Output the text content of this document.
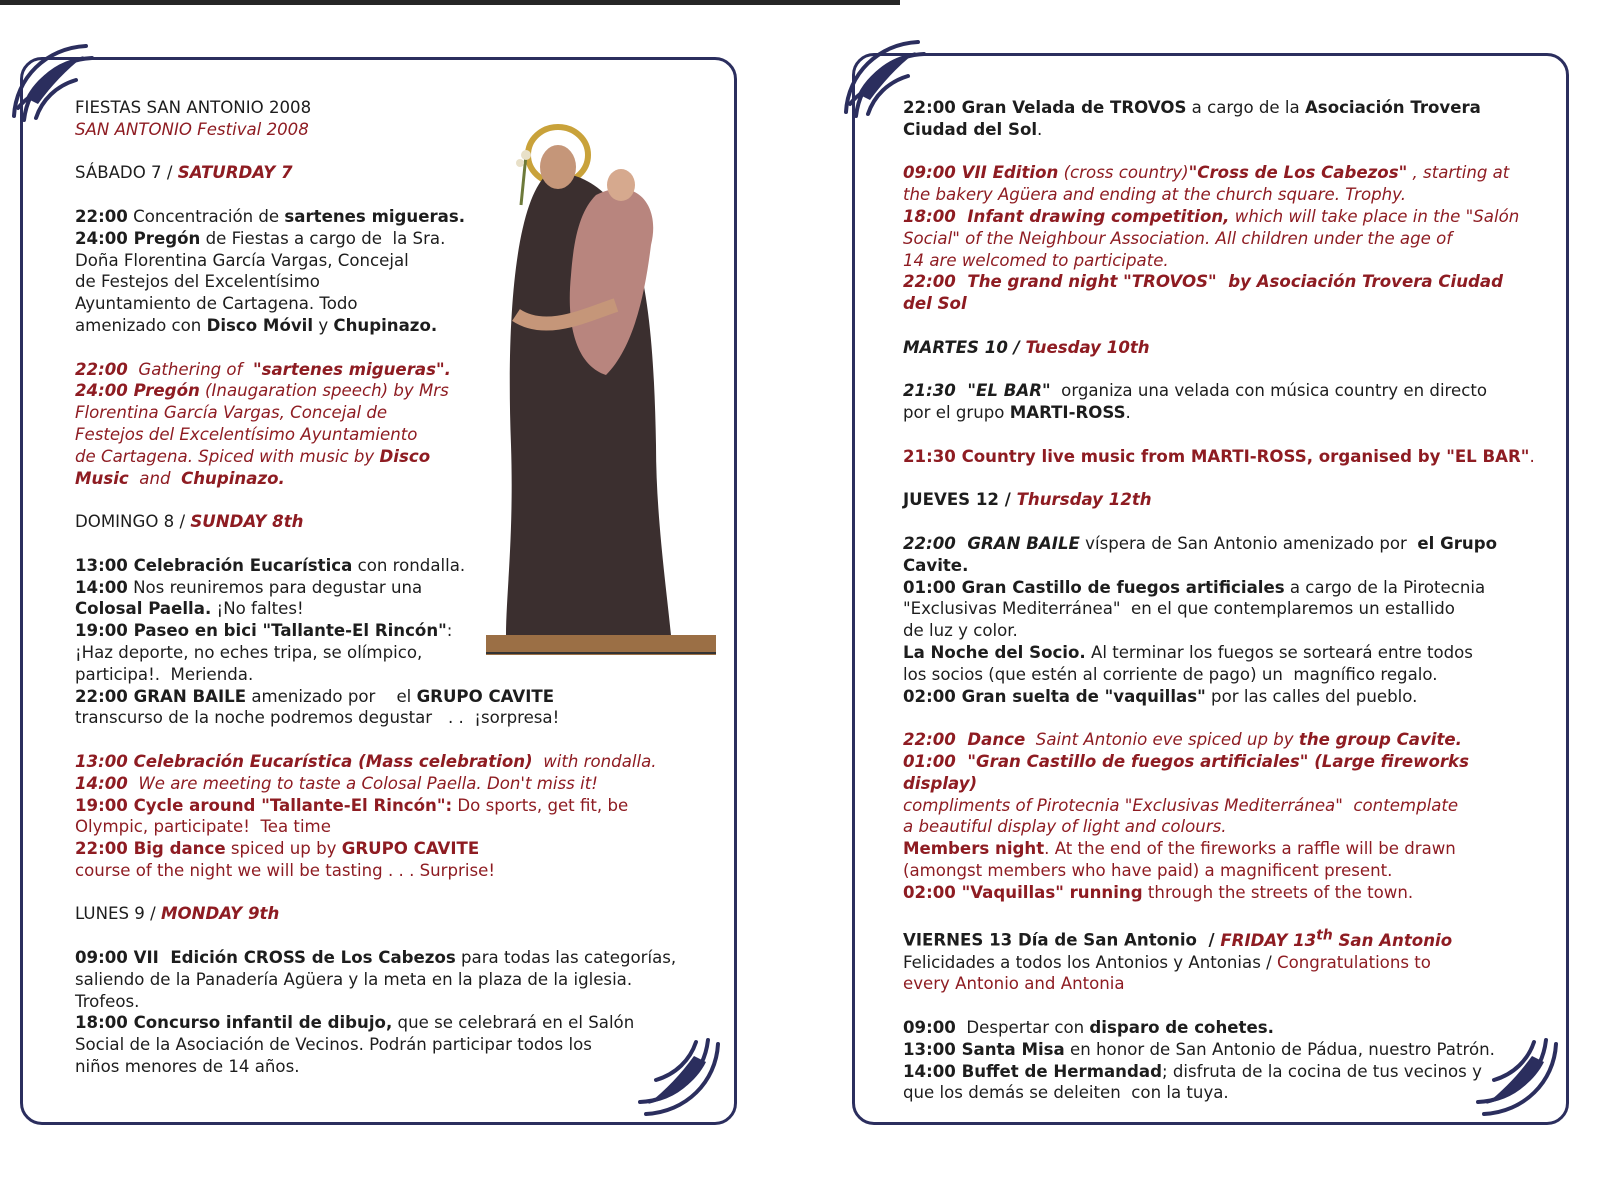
FIESTAS SAN ANTONIO 2008
SAN ANTONIO Festival 2008
SÁBADO 7 / SATURDAY 7
22:00 Concentración de sartenes migueras.
24:00 Pregón de Fiestas a cargo de  la Sra.
Doña Florentina García Vargas, Concejal
de Festejos del Excelentísimo
Ayuntamiento de Cartagena. Todo
amenizado con Disco Móvil y Chupinazo.
22:00  Gathering of  "sartenes migueras".
24:00 Pregón (Inaugaration speech) by Mrs
Florentina García Vargas, Concejal de
Festejos del Excelentísimo Ayuntamiento
de Cartagena. Spiced with music by Disco
Music  and  Chupinazo.
DOMINGO 8 / SUNDAY 8th
13:00 Celebración Eucarística con rondalla.
14:00 Nos reuniremos para degustar una
Colosal Paella. ¡No faltes!
19:00 Paseo en bici "Tallante-El Rincón":
¡Haz deporte, no eches tripa, se olímpico,
participa!.  Merienda.
22:00 GRAN BAILE amenizado por    el GRUPO CAVITE
transcurso de la noche podremos degustar   . .  ¡sorpresa!
13:00 Celebración Eucarística (Mass celebration)  with rondalla.
14:00  We are meeting to taste a Colosal Paella. Don't miss it!
19:00 Cycle around "Tallante-El Rincón": Do sports, get fit, be
Olympic, participate!  Tea time
22:00 Big dance spiced up by GRUPO CAVITE
course of the night we will be tasting . . . Surprise!
LUNES 9 / MONDAY 9th
09:00 VII  Edición CROSS de Los Cabezos para todas las categorías,
saliendo de la Panadería Agüera y la meta en la plaza de la iglesia.
Trofeos.
18:00 Concurso infantil de dibujo, que se celebrará en el Salón
Social de la Asociación de Vecinos. Podrán participar todos los
niños menores de 14 años.
22:00 Gran Velada de TROVOS a cargo de la Asociación Trovera
Ciudad del Sol.
09:00 VII Edition (cross country)"Cross de Los Cabezos" , starting at
the bakery Agüera and ending at the church square. Trophy.
18:00  Infant drawing competition, which will take place in the "Salón
Social" of the Neighbour Association. All children under the age of
14 are welcomed to participate.
22:00  The grand night "TROVOS"  by Asociación Trovera Ciudad
del Sol
MARTES 10 / Tuesday 10th
21:30  "EL BAR"  organiza una velada con música country en directo
por el grupo MARTI-ROSS.
21:30 Country live music from MARTI-ROSS, organised by "EL BAR".
JUEVES 12 / Thursday 12th
22:00  GRAN BAILE víspera de San Antonio amenizado por  el Grupo
Cavite.
01:00 Gran Castillo de fuegos artificiales a cargo de la Pirotecnia
"Exclusivas Mediterránea"  en el que contemplaremos un estallido
de luz y color.
La Noche del Socio. Al terminar los fuegos se sorteará entre todos
los socios (que estén al corriente de pago) un  magnífico regalo.
02:00 Gran suelta de "vaquillas" por las calles del pueblo.
22:00  Dance  Saint Antonio eve spiced up by the group Cavite.
01:00  "Gran Castillo de fuegos artificiales" (Large fireworks display)
compliments of Pirotecnia "Exclusivas Mediterránea"  contemplate
a beautiful display of light and colours.
Members night. At the end of the fireworks a raffle will be drawn
(amongst members who have paid) a magnificent present.
02:00 "Vaquillas" running through the streets of the town.
VIERNES 13 Día de San Antonio  / FRIDAY 13th San Antonio
Felicidades a todos los Antonios y Antonias / Congratulations to
every Antonio and Antonia
09:00  Despertar con disparo de cohetes.
13:00 Santa Misa en honor de San Antonio de Pádua, nuestro Patrón.
14:00 Buffet de Hermandad; disfruta de la cocina de tus vecinos y
que los demás se deleiten  con la tuya.
